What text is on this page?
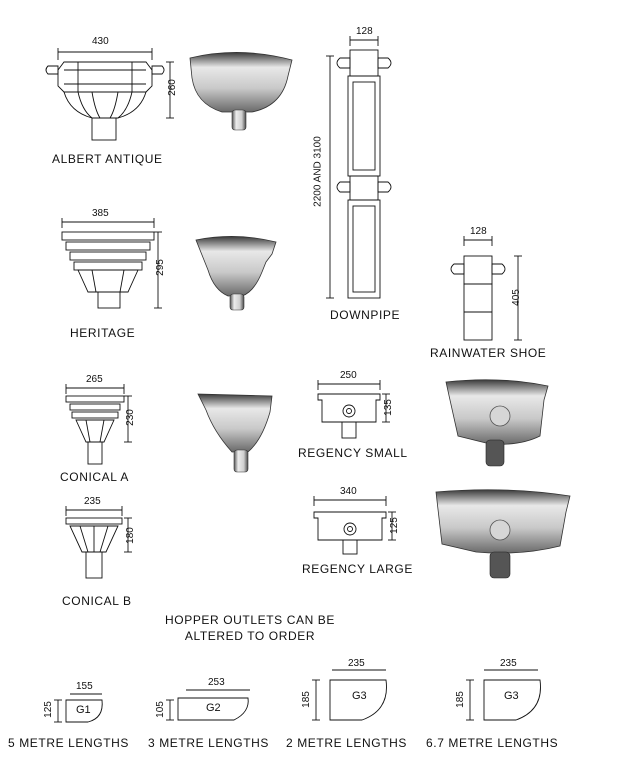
430
260
ALBERT ANTIQUE
385
295
HERITAGE
265
230
CONICAL A
235
180
CONICAL B
128
2200 AND 3100
DOWNPIPE
128
405
RAINWATER SHOE
250
135
REGENCY SMALL
340
125
REGENCY LARGE
HOPPER OUTLETS CAN BE
ALTERED TO ORDER
155
125 G1
5 METRE LENGTHS
253
105	G2
3 METRE LENGTHS
235
185	G3
2 METRE LENGTHS
235
185	G3
6.7 METRE LENGTHS
